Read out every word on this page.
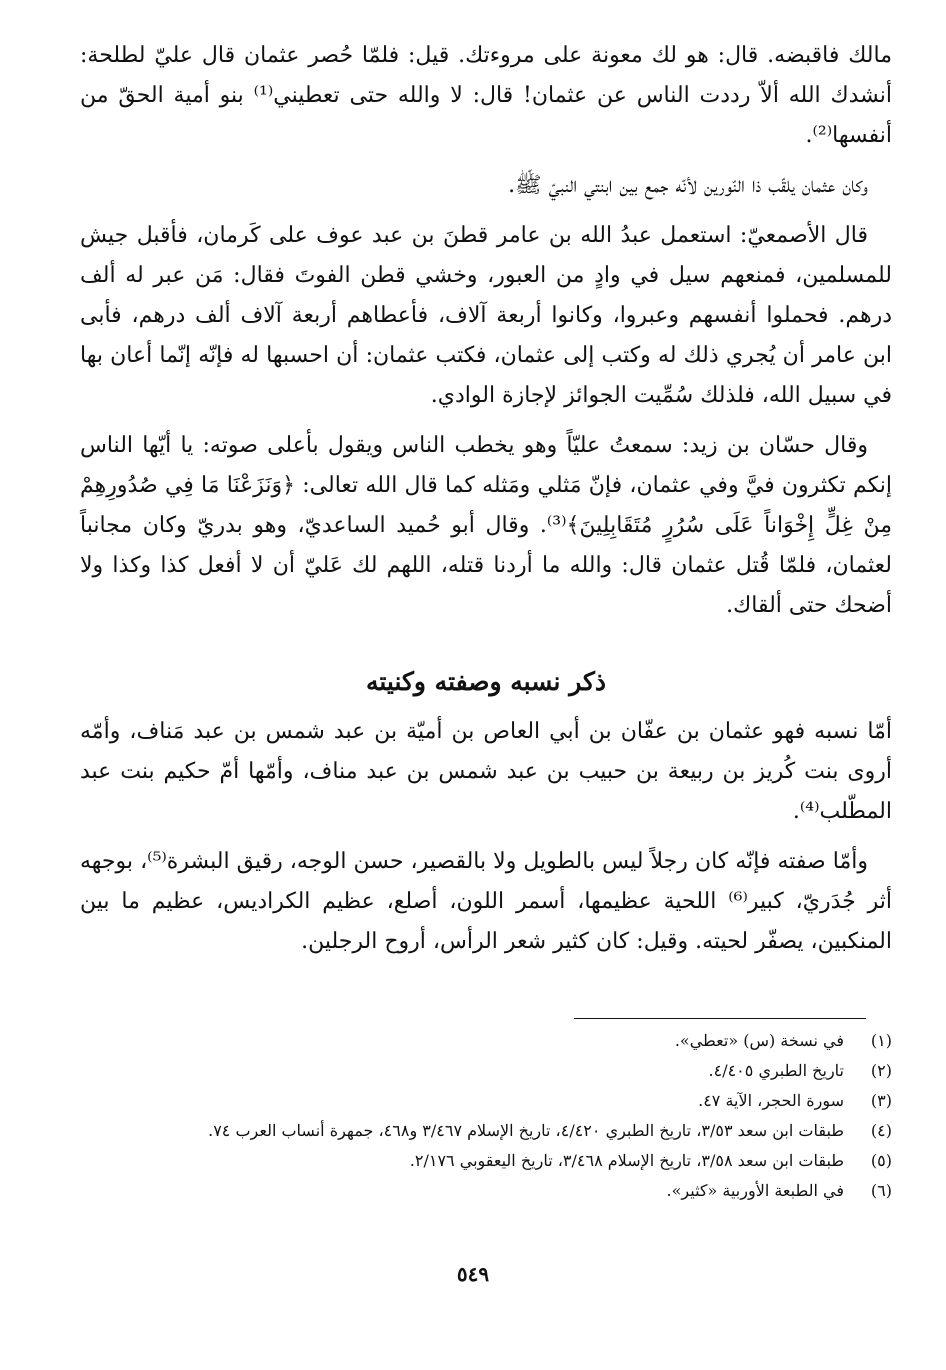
مالك فاقبضه. قال: هو لك معونة على مروءتك. قيل: فلمّا حُصر عثمان قال عليّ لطلحة: أنشدك الله ألاّ رددت الناس عن عثمان! قال: لا والله حتى تعطيني⁽¹⁾ بنو أمية الحقّ من أنفسها⁽²⁾.

وكان عثمان يلقّب ذا النّورين لأنّه جمع بين ابنتي النبيّ ﷺ.

قال الأصمعيّ: استعمل عبدُ الله بن عامر قطنَ بن عبد عوف على كَرمان، فأقبل جيش للمسلمين، فمنعهم سيل في وادٍ من العبور، وخشي قطن الفوتَ فقال: مَن عبر له ألف درهم. فحملوا أنفسهم وعبروا، وكانوا أربعة آلاف، فأعطاهم أربعة آلاف ألف درهم، فأبى ابن عامر أن يُجري ذلك له وكتب إلى عثمان، فكتب عثمان: أن احسبها له فإنّه إنّما أعان بها في سبيل الله، فلذلك سُمِّيت الجوائز لإجازة الوادي.

وقال حسّان بن زيد: سمعتُ عليّاً وهو يخطب الناس ويقول بأعلى صوته: يا أيّها الناس إنكم تكثرون فيَّ وفي عثمان، فإنّ مَثلي ومَثله كما قال الله تعالى: ﴿وَنَزَعْنَا مَا فِي صُدُورِهِمْ مِنْ غِلٍّ إِخْوَاناً عَلَى سُرُرٍ مُتَقَابِلِينَ﴾⁽³⁾. وقال أبو حُميد الساعديّ، وهو بدريّ وكان مجانباً لعثمان، فلمّا قُتل عثمان قال: والله ما أردنا قتله، اللهم لك عَليّ أن لا أفعل كذا وكذا ولا أضحك حتى ألقاك.

ذكر نسبه وصفته وكنيته

أمّا نسبه فهو عثمان بن عفّان بن أبي العاص بن أميّة بن عبد شمس بن عبد مَناف، وأمّه أروى بنت كُريز بن ربيعة بن حبيب بن عبد شمس بن عبد مناف، وأمّها أمّ حكيم بنت عبد المطّلب⁽⁴⁾.

وأمّا صفته فإنّه كان رجلاً ليس بالطويل ولا بالقصير، حسن الوجه، رقيق البشرة⁽⁵⁾، بوجهه أثر جُدَريّ، كبير⁽⁶⁾ اللحية عظيمها، أسمر اللون، أصلع، عظيم الكراديس، عظيم ما بين المنكبين، يصفّر لحيته. وقيل: كان كثير شعر الرأس، أروح الرجلين.

(١)
في نسخة (س) «تعطي».
(٢)
تاريخ الطبري ٤/٤٠٥.
(٣)
سورة الحجر، الآية ٤٧.
(٤)
طبقات ابن سعد ٣/٥٣، تاريخ الطبري ٤/٤٢٠، تاريخ الإسلام ٣/٤٦٧ و٤٦٨، جمهرة أنساب العرب ٧٤.
(٥)
طبقات ابن سعد ٣/٥٨، تاريخ الإسلام ٣/٤٦٨، تاريخ اليعقوبي ٢/١٧٦.
(٦)
في الطبعة الأوربية «كثير».
٥٤٩
